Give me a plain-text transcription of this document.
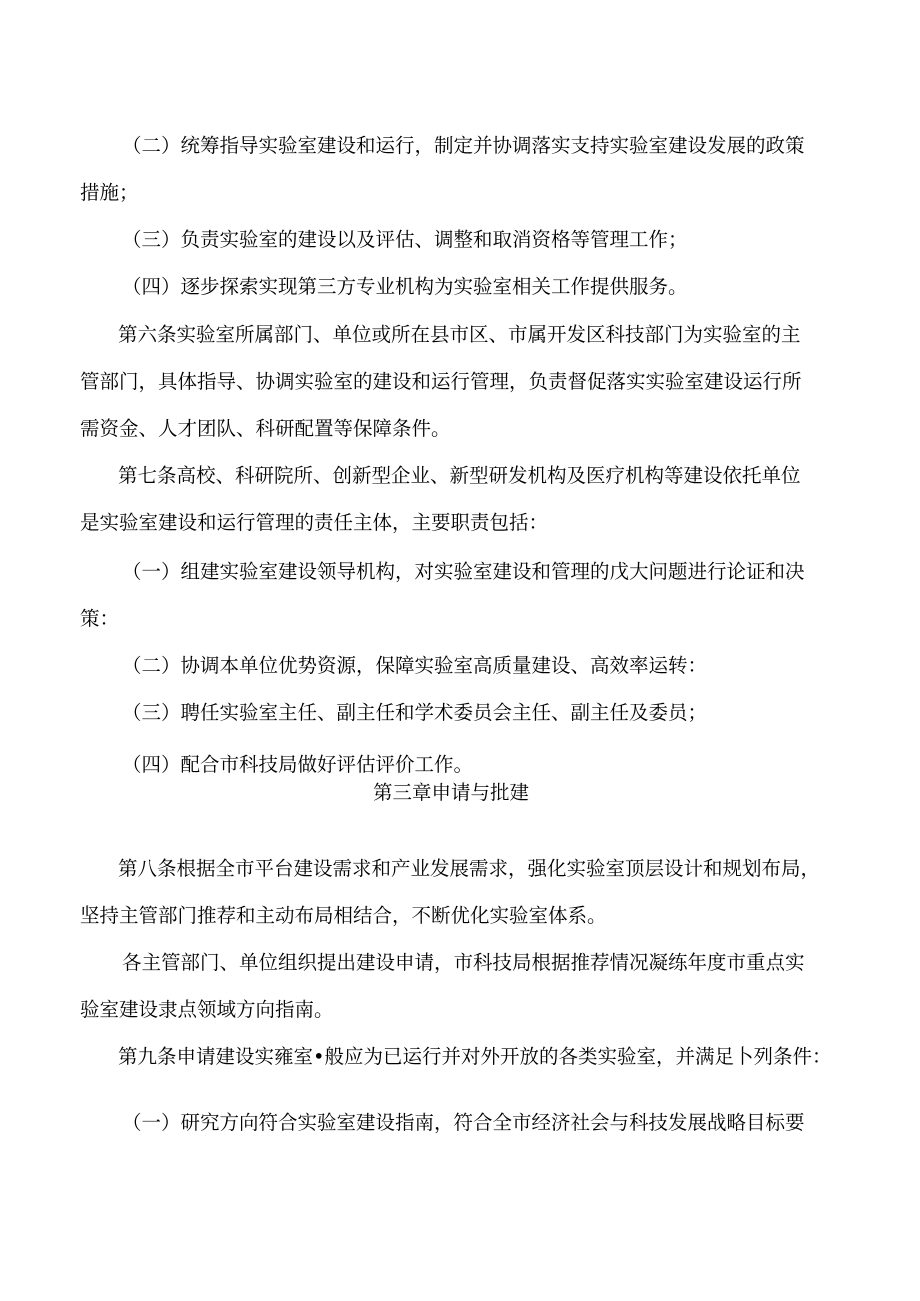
（二）统筹指导实验室建设和运行，制定并协调落实支持实验室建设发展的政策
措施；
（三）负责实验室的建设以及评估、调整和取消资格等管理工作；
（四）逐步探索实现第三方专业机构为实验室相关工作提供服务。
第六条实验室所属部门、单位或所在县市区、市属开发区科技部门为实验室的主
管部门，具体指导、协调实验室的建设和运行管理，负责督促落实实验室建设运行所
需资金、人才团队、科研配置等保障条件。
第七条高校、科研院所、创新型企业、新型研发机构及医疗机构等建设依托单位
是实验室建设和运行管理的责任主体，主要职责包括：
（一）组建实验室建设领导机构，对实验室建设和管理的戊大问题进行论证和决
策：
（二）协调本单位优势资源，保障实验室高质量建设、高效率运转：
（三）聘任实验室主任、副主任和学术委员会主任、副主任及委员；
（四）配合市科技局做好评估评价工作。
第三章申请与批建
第八条根据全市平台建设需求和产业发展需求，强化实验室顶层设计和规划布局，
坚持主管部门推荐和主动布局相结合，不断优化实验室体系。
各主管部门、单位组织提出建设申请，市科技局根据推荐情况凝练年度市重点实
验室建设隶点领域方向指南。
第九条申请建设实雍室•般应为已运行并对外开放的各类实验室，并满足卜列条件：
（一）研究方向符合实验室建设指南，符合全市经济社会与科技发展战略目标要
